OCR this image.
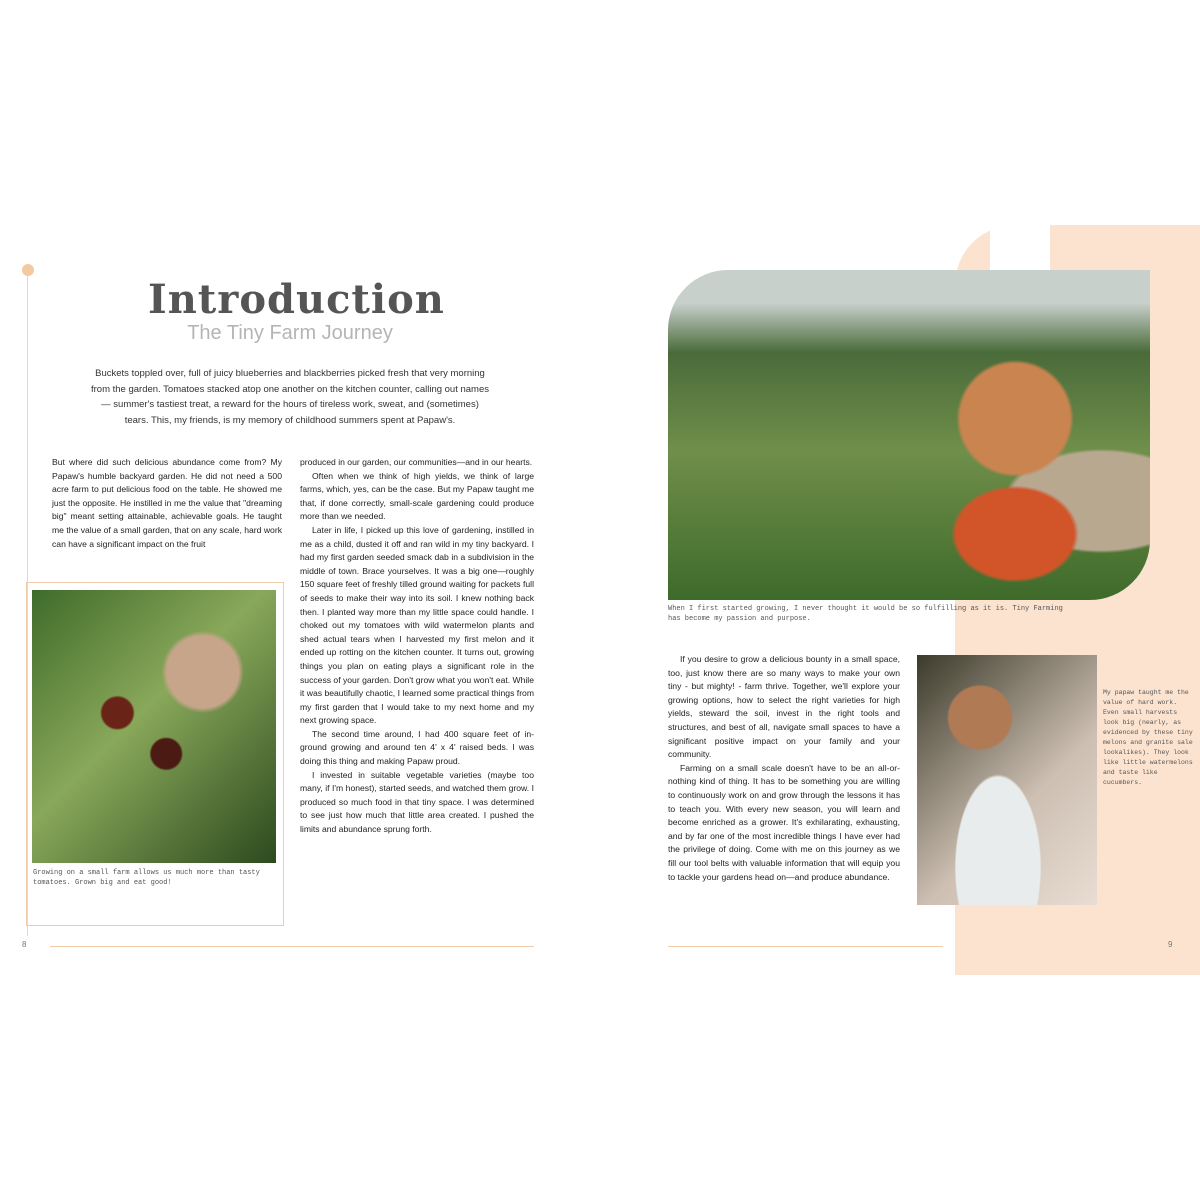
Introduction
The Tiny Farm Journey

Buckets toppled over, full of juicy blueberries and blackberries picked fresh that very morning from the garden. Tomatoes stacked atop one another on the kitchen counter, calling out names — summer's tastiest treat, a reward for the hours of tireless work, sweat, and (sometimes) tears. This, my friends, is my memory of childhood summers spent at Papaw's.

But where did such delicious abundance come from? My Papaw's humble backyard garden. He did not need a 500 acre farm to put delicious food on the table. He showed me just the opposite. He instilled in me the value that "dreaming big" meant setting attainable, achievable goals. He taught me the value of a small garden, that on any scale, hard work can have a significant impact on the fruit

produced in our garden, our communities—and in our hearts.

Often when we think of high yields, we think of large farms, which, yes, can be the case. But my Papaw taught me that, if done correctly, small-scale gardening could produce more than we needed.

Later in life, I picked up this love of gardening, instilled in me as a child, dusted it off and ran wild in my tiny backyard. I had my first garden seeded smack dab in a subdivision in the middle of town. Brace yourselves. It was a big one—roughly 150 square feet of freshly tilled ground waiting for packets full of seeds to make their way into its soil. I knew nothing back then. I planted way more than my little space could handle. I choked out my tomatoes with wild watermelon plants and shed actual tears when I harvested my first melon and it ended up rotting on the kitchen counter. It turns out, growing things you plan on eating plays a significant role in the success of your garden. Don't grow what you won't eat. While it was beautifully chaotic, I learned some practical things from my first garden that I would take to my next home and my next growing space.

The second time around, I had 400 square feet of in-ground growing and around ten 4' x 4' raised beds. I was doing this thing and making Papaw proud.

I invested in suitable vegetable varieties (maybe too many, if I'm honest), started seeds, and watched them grow. I produced so much food in that tiny space. I was determined to see just how much that little area created. I pushed the limits and abundance sprung forth.

Growing on a small farm allows us much more than tasty tomatoes. Grown big and eat good!
8
When I first started growing, I never thought it would be so fulfilling as it is. Tiny Farming has become my passion and purpose.

If you desire to grow a delicious bounty in a small space, too, just know there are so many ways to make your own tiny - but mighty! - farm thrive. Together, we'll explore your growing options, how to select the right varieties for high yields, steward the soil, invest in the right tools and structures, and best of all, navigate small spaces to have a significant positive impact on your family and your community.

Farming on a small scale doesn't have to be an all-or-nothing kind of thing. It has to be something you are willing to continuously work on and grow through the lessons it has to teach you. With every new season, you will learn and become enriched as a grower. It's exhilarating, exhausting, and by far one of the most incredible things I have ever had the privilege of doing. Come with me on this journey as we fill our tool belts with valuable information that will equip you to tackle your gardens head on—and produce abundance.

My papaw taught me the value of hard work. Even small harvests look big (nearly, as evidenced by these tiny melons and granite sale lookalikes). They look like little watermelons and taste like cucumbers.
9
